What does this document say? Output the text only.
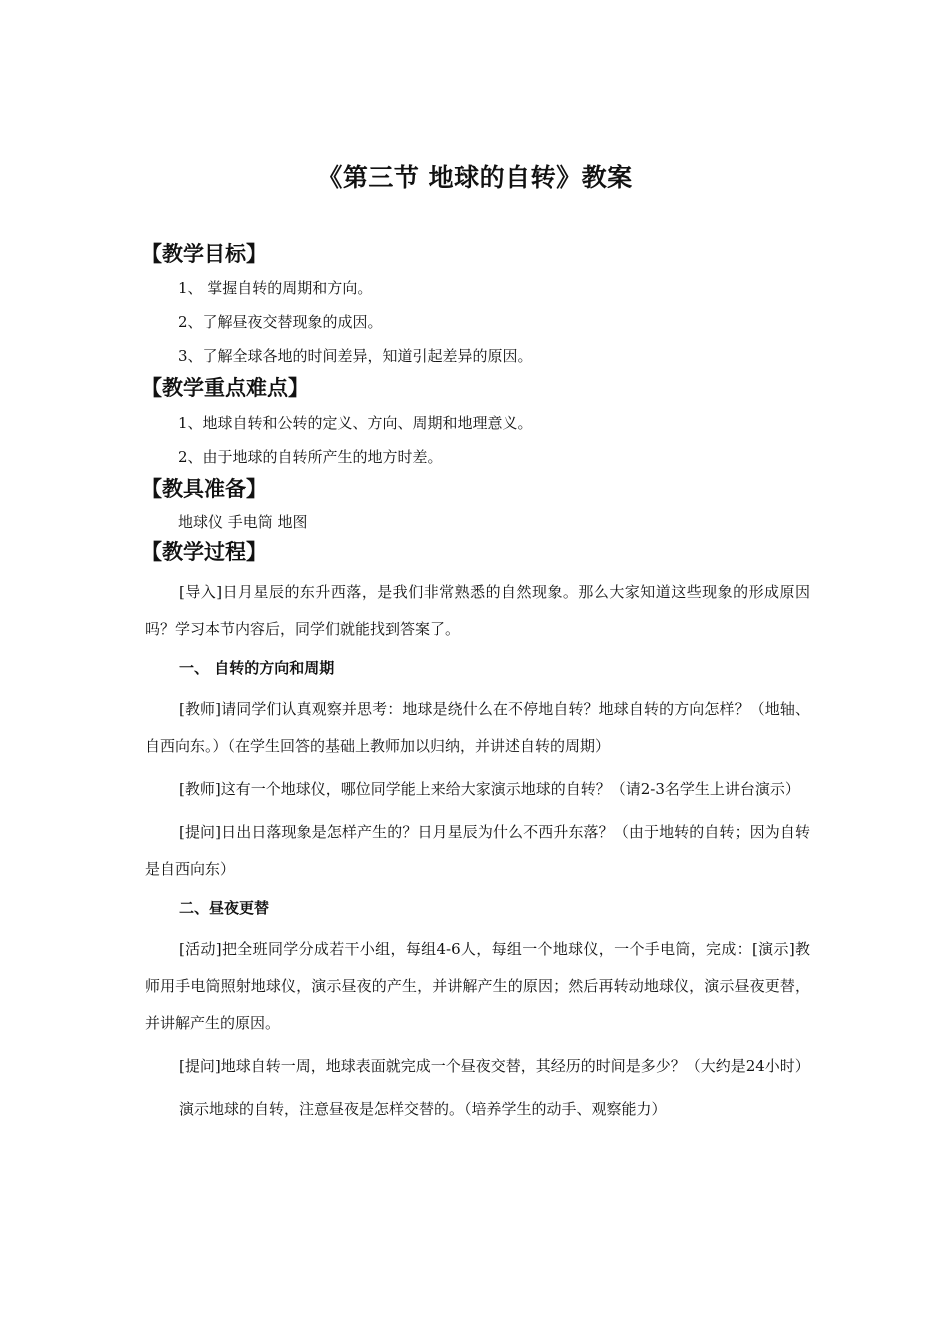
《第三节 地球的自转》教案
【教学目标】

1、 掌握自转的周期和方向。

2、了解昼夜交替现象的成因。

3、了解全球各地的时间差异，知道引起差异的原因。

【教学重点难点】

1、地球自转和公转的定义、方向、周期和地理意义。

2、由于地球的自转所产生的地方时差。

【教具准备】

地球仪 手电筒 地图

【教学过程】

[导入]日月星辰的东升西落，是我们非常熟悉的自然现象。那么大家知道这些现象的形成原因吗？学习本节内容后，同学们就能找到答案了。

一、 自转的方向和周期

[教师]请同学们认真观察并思考：地球是绕什么在不停地自转？地球自转的方向怎样？（地轴、自西向东。）（在学生回答的基础上教师加以归纳，并讲述自转的周期）

[教师]这有一个地球仪，哪位同学能上来给大家演示地球的自转？（请2-3名学生上讲台演示）

[提问]日出日落现象是怎样产生的？日月星辰为什么不西升东落？（由于地转的自转；因为自转是自西向东）

二、昼夜更替

[活动]把全班同学分成若干小组，每组4-6人，每组一个地球仪，一个手电筒，完成：[演示]教师用手电筒照射地球仪，演示昼夜的产生，并讲解产生的原因；然后再转动地球仪，演示昼夜更替，并讲解产生的原因。

[提问]地球自转一周，地球表面就完成一个昼夜交替，其经历的时间是多少？（大约是24小时）

演示地球的自转，注意昼夜是怎样交替的。（培养学生的动手、观察能力）
